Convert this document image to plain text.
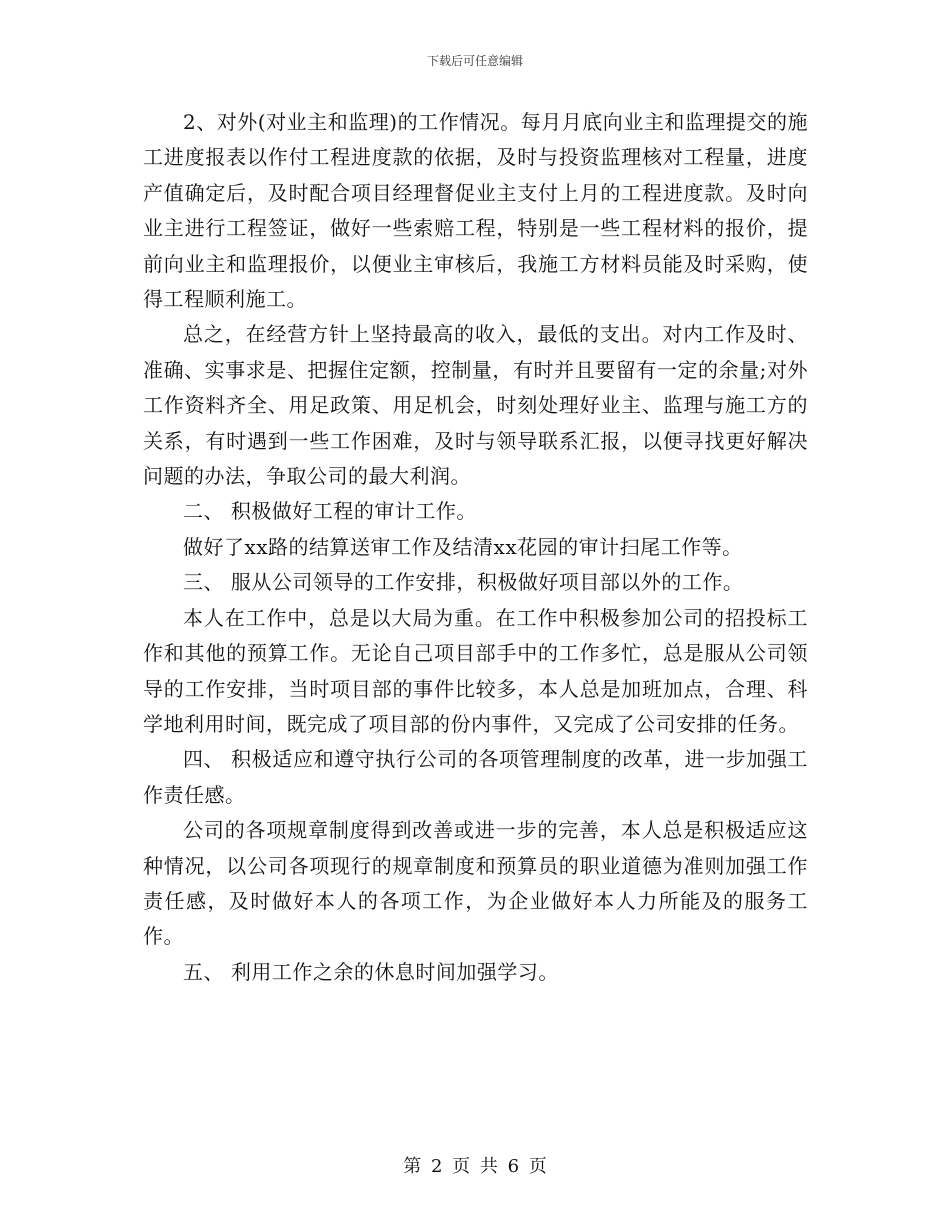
下载后可任意编辑

2、对外(对业主和监理)的工作情况。每月月底向业主和监理提交的施工进度报表以作付工程进度款的依据，及时与投资监理核对工程量，进度产值确定后，及时配合项目经理督促业主支付上月的工程进度款。及时向业主进行工程签证，做好一些索赔工程，特别是一些工程材料的报价，提前向业主和监理报价，以便业主审核后，我施工方材料员能及时采购，使得工程顺利施工。

总之，在经营方针上坚持最高的收入，最低的支出。对内工作及时、准确、实事求是、把握住定额，控制量，有时并且要留有一定的余量;对外工作资料齐全、用足政策、用足机会，时刻处理好业主、监理与施工方的关系，有时遇到一些工作困难，及时与领导联系汇报，以便寻找更好解决问题的办法，争取公司的最大利润。

二、 积极做好工程的审计工作。

做好了xx路的结算送审工作及结清xx花园的审计扫尾工作等。

三、 服从公司领导的工作安排，积极做好项目部以外的工作。

本人在工作中，总是以大局为重。在工作中积极参加公司的招投标工作和其他的预算工作。无论自己项目部手中的工作多忙，总是服从公司领导的工作安排，当时项目部的事件比较多，本人总是加班加点，合理、科学地利用时间，既完成了项目部的份内事件，又完成了公司安排的任务。

四、 积极适应和遵守执行公司的各项管理制度的改革，进一步加强工作责任感。

公司的各项规章制度得到改善或进一步的完善，本人总是积极适应这种情况，以公司各项现行的规章制度和预算员的职业道德为准则加强工作责任感，及时做好本人的各项工作，为企业做好本人力所能及的服务工作。

五、 利用工作之余的休息时间加强学习。

第 2 页 共 6 页
